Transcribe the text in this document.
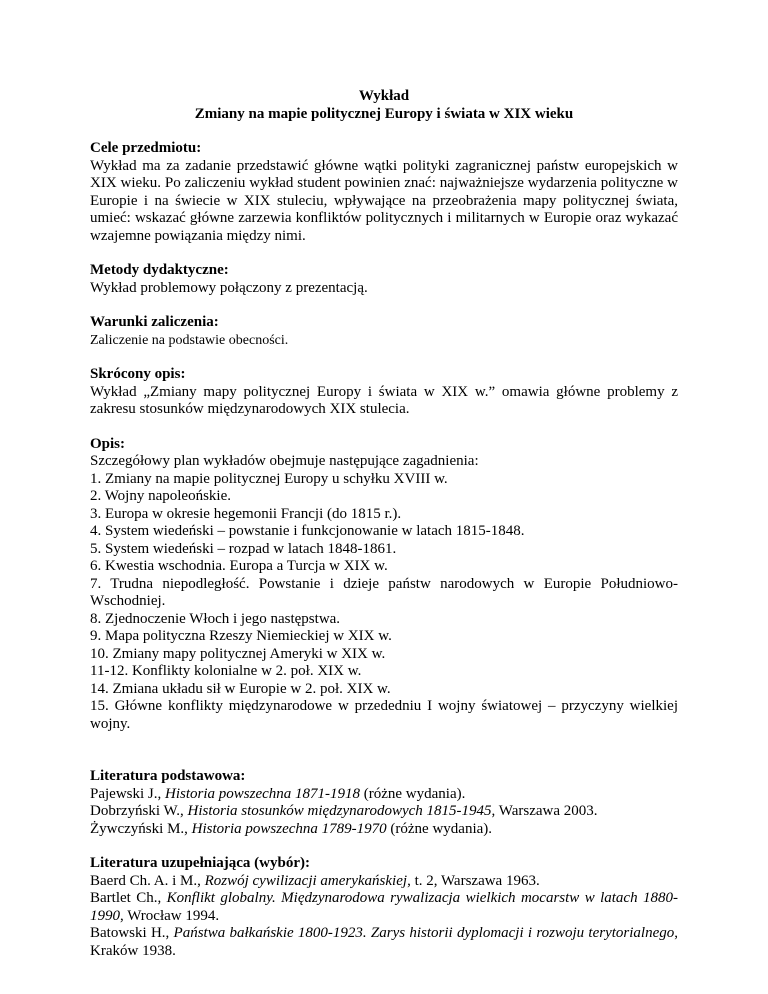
Wykład

Zmiany na mapie politycznej Europy i świata w XIX wieku

Cele przedmiotu:

Wykład ma za zadanie przedstawić główne wątki polityki zagranicznej państw europejskich w XIX wieku. Po zaliczeniu wykład student powinien znać: najważniejsze wydarzenia polityczne w Europie i na świecie w XIX stuleciu, wpływające na przeobrażenia mapy politycznej świata, umieć: wskazać główne zarzewia konfliktów politycznych i militarnych w Europie oraz wykazać wzajemne powiązania między nimi.

Metody dydaktyczne:

Wykład problemowy połączony z prezentacją.

Warunki zaliczenia:

Zaliczenie na podstawie obecności.

Skrócony opis:

Wykład „Zmiany mapy politycznej Europy i świata w XIX w.” omawia główne problemy z zakresu stosunków międzynarodowych XIX stulecia.

Opis:

Szczegółowy plan wykładów obejmuje następujące zagadnienia:

1. Zmiany na mapie politycznej Europy u schyłku XVIII w.
2. Wojny napoleońskie.
3. Europa w okresie hegemonii Francji (do 1815 r.).
4. System wiedeński – powstanie i funkcjonowanie w latach 1815-1848.
5. System wiedeński – rozpad w latach 1848-1861.
6. Kwestia wschodnia. Europa a Turcja w XIX w.
7. Trudna niepodległość. Powstanie i dzieje państw narodowych w Europie Południowo-Wschodniej.
8. Zjednoczenie Włoch i jego następstwa.
9. Mapa polityczna Rzeszy Niemieckiej w XIX w.
10. Zmiany mapy politycznej Ameryki w XIX w.
11-12. Konflikty kolonialne w 2. poł. XIX w.
14. Zmiana układu sił w Europie w 2. poł. XIX w.
15. Główne konflikty międzynarodowe w przededniu I wojny światowej – przyczyny wielkiej wojny.

Literatura podstawowa:

Pajewski J., Historia powszechna 1871-1918 (różne wydania).
Dobrzyński W., Historia stosunków międzynarodowych 1815-1945, Warszawa 2003.
Żywczyński M., Historia powszechna 1789-1970 (różne wydania).

Literatura uzupełniająca (wybór):

Baerd Ch. A. i M., Rozwój cywilizacji amerykańskiej, t. 2, Warszawa 1963.
Bartlet Ch., Konflikt globalny. Międzynarodowa rywalizacja wielkich mocarstw w latach 1880-1990, Wrocław 1994.
Batowski H., Państwa bałkańskie 1800-1923. Zarys historii dyplomacji i rozwoju terytorialnego, Kraków 1938.
